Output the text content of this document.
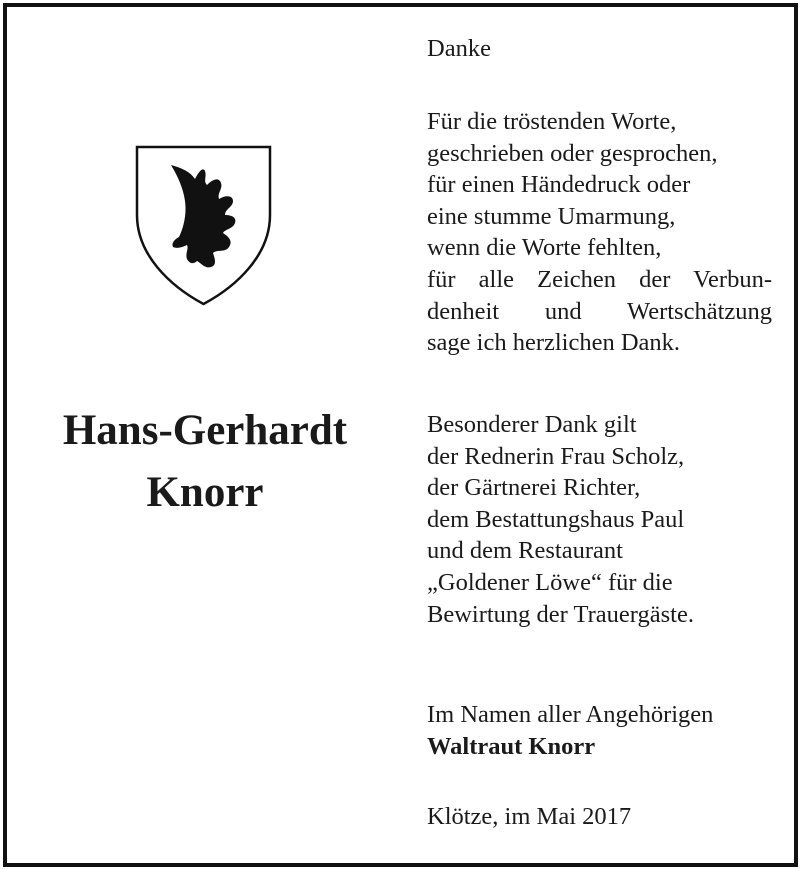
Hans-Gerhardt
Knorr
Danke
Für die tröstenden Worte,
geschrieben oder gesprochen,
für einen Händedruck oder
eine stumme Umarmung,
wenn die Worte fehlten,
für alle Zeichen der Verbun-
denheit und Wertschätzung
sage ich herzlichen Dank.
Besonderer Dank gilt
der Rednerin Frau Scholz,
der Gärtnerei Richter,
dem Bestattungshaus Paul
und dem Restaurant
„Goldener Löwe“ für die
Bewirtung der Trauergäste.
Im Namen aller Angehörigen
Waltraut Knorr
Klötze, im Mai 2017
